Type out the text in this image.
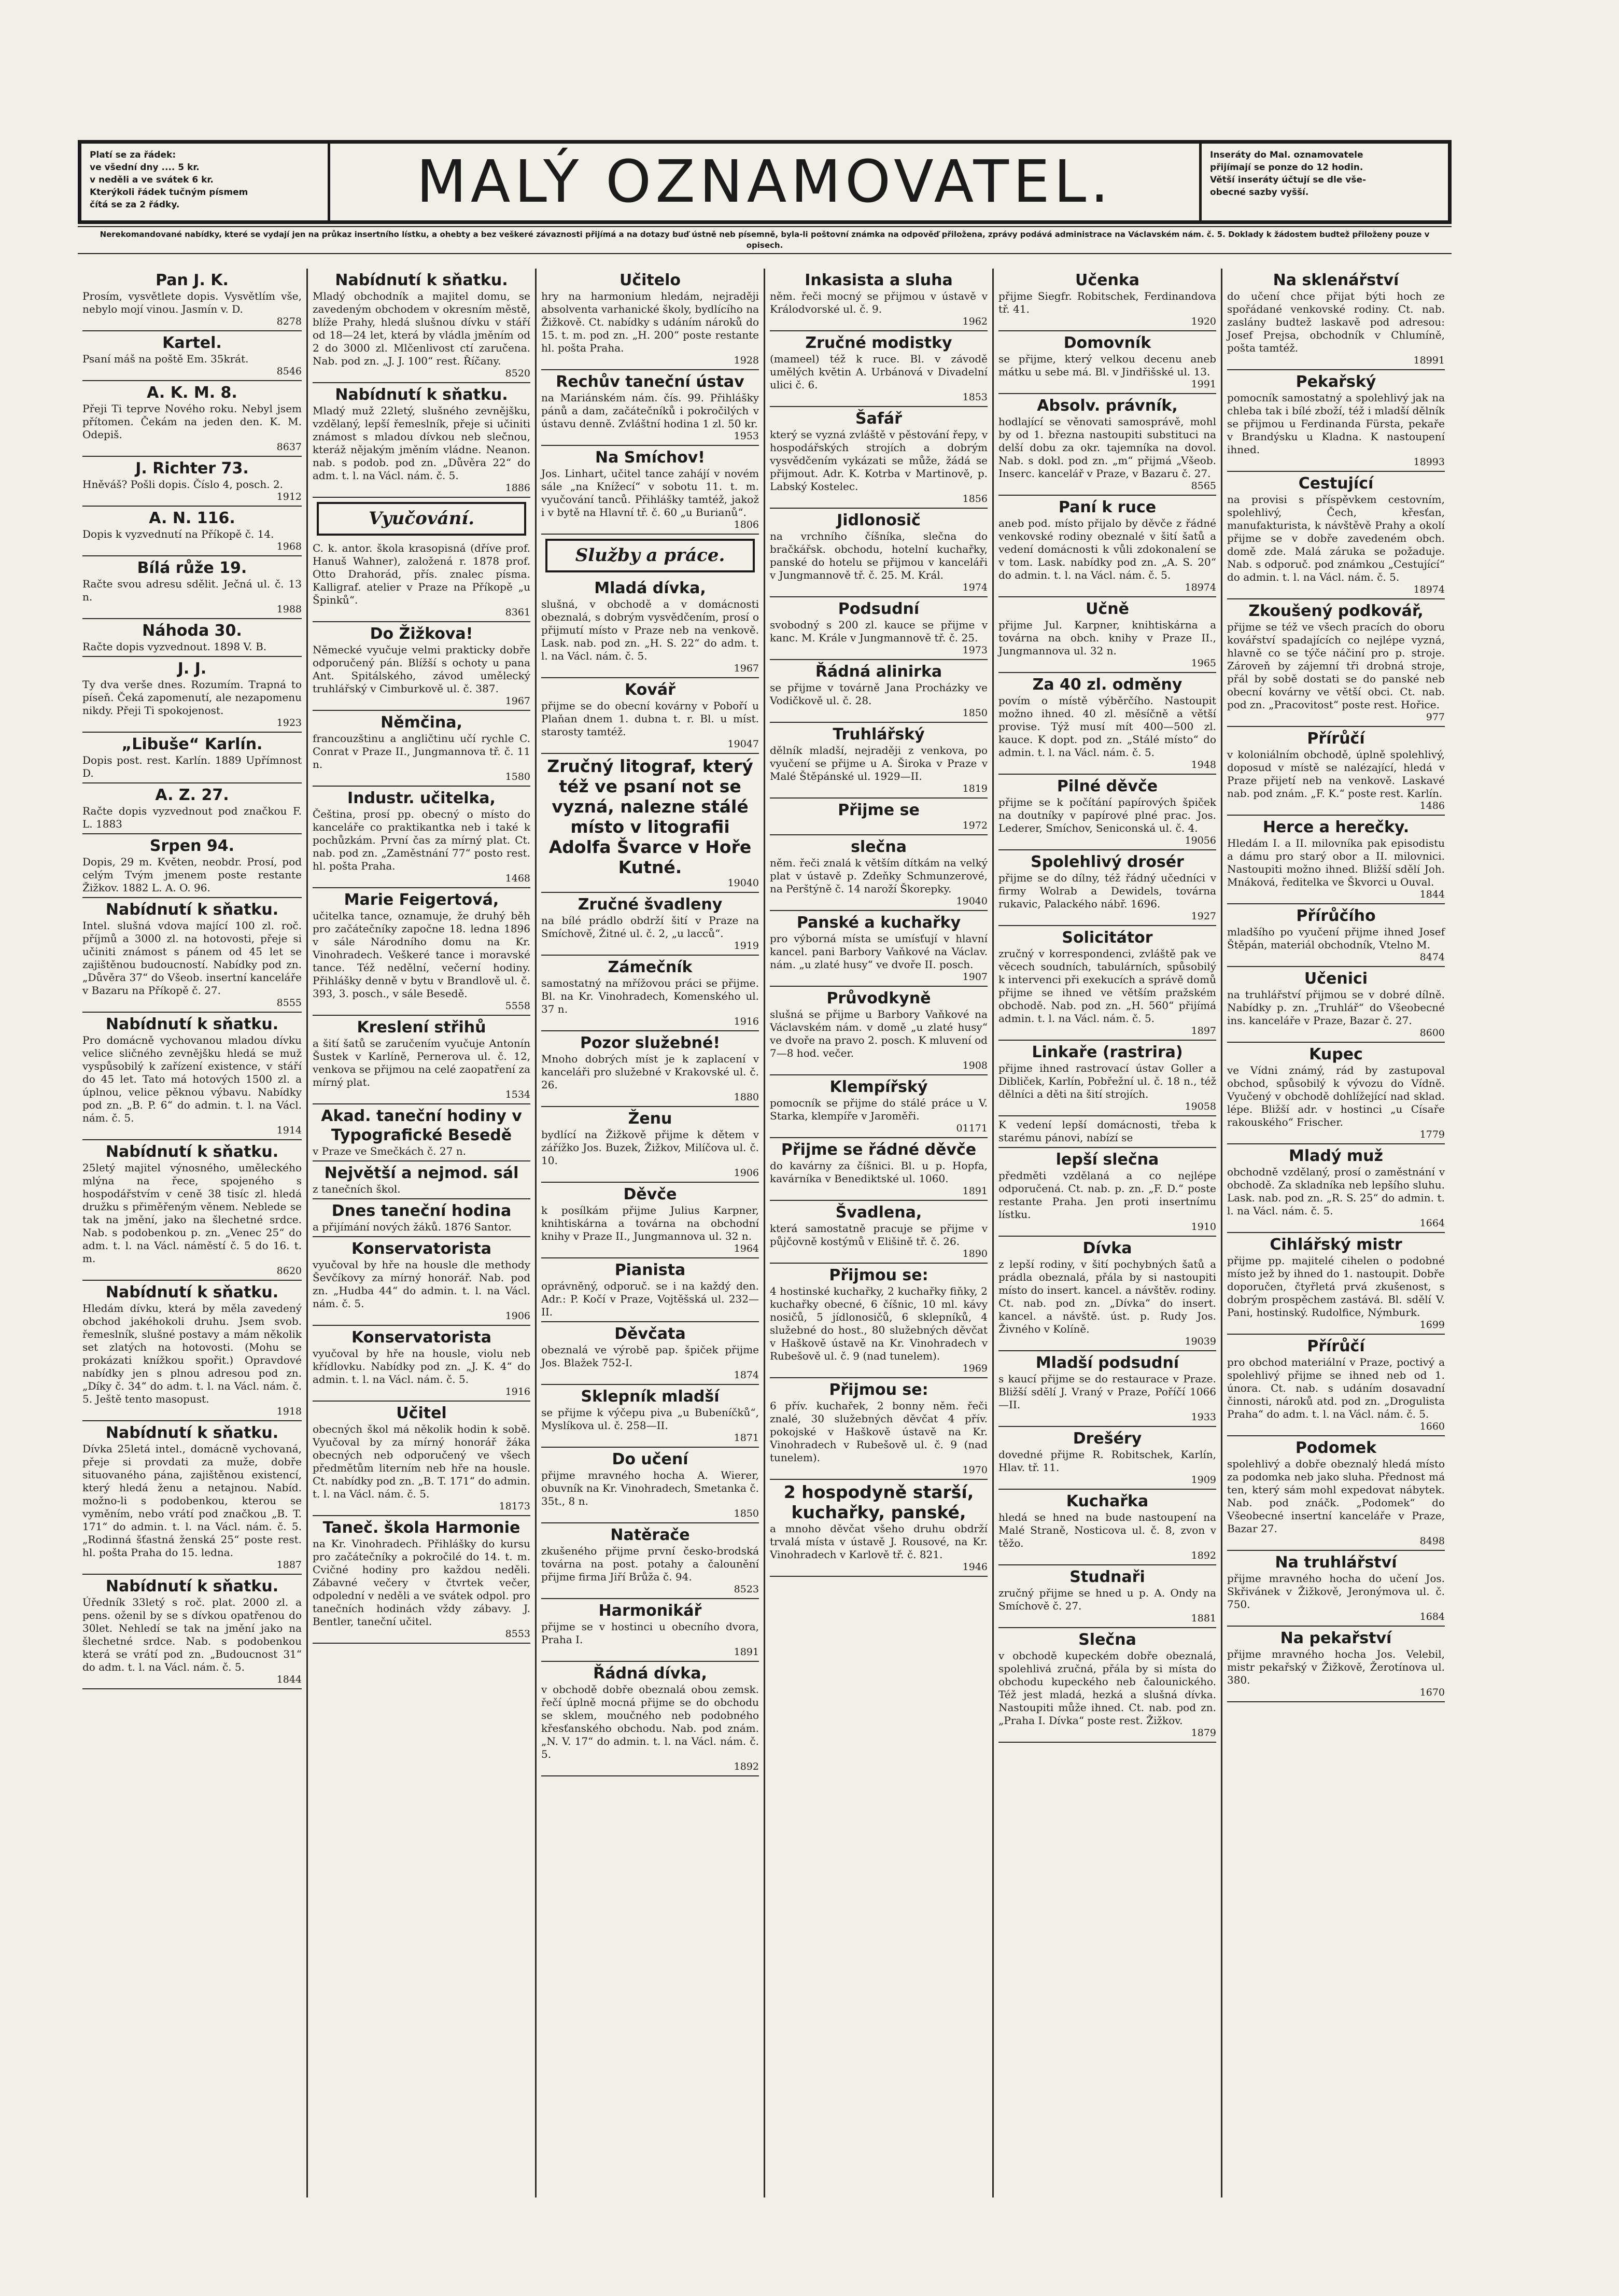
Platí se za řádek:
ve všední dny .... 5 kr.
v neděli a ve svátek 6 kr.
Kterýkoli řádek tučným písmem
čítá se za 2 řádky.	MALÝ OZNAMOVATEL.	Inseráty do Mal. oznamovatele
přijímají se ponze do 12 hodin.
Větší inseráty účtují se dle vše-
obecné sazby vyšší.
Nerekomandované nabídky, které se vydají jen na průkaz insertního lístku, a ohebty a bez veškeré závaznosti přijímá a na dotazy buď ústně neb písemně, byla-li poštovní známka na odpověď přiložena, zprávy podává administrace na Václavském nám. č. 5. Doklady k žádostem budtež přiloženy pouze v opisech.
Pan J. K.

Prosím, vysvětlete dopis. Vysvětlím vše, nebylo mojí vinou. Jasmín v. D.

8278
Kartel.

Psaní máš na poště Em. 35krát.

8546
A. K. M. 8.

Přeji Ti teprve Nového roku. Nebyl jsem přítomen. Čekám na jeden den. K. M. Odepiš.

8637
J. Richter 73.

Hněváš? Pošli dopis. Číslo 4, posch. 2.

1912
A. N. 116.

Dopis k vyzvednutí na Příkopě č. 14.

1968
Bílá růže 19.

Račte svou adresu sdělit. Ječná ul. č. 13 n.

1988
Náhoda 30.

Račte dopis vyzvednout. 1898 V. B.

J. J.

Ty dva verše dnes. Rozumím. Trapná to píseň. Čeká zapomenutí, ale nezapomenu nikdy. Přeji Ti spokojenost.

1923
„Libuše“ Karlín.

Dopis post. rest. Karlín. 1889 Upřímnost D.

A. Z. 27.

Račte dopis vyzvednout pod značkou F. L. 1883

Srpen 94.

Dopis, 29 m. Květen, neobdr. Prosí, pod celým Tvým jmenem poste restante Žižkov. 1882 L. A. O. 96.

Nabídnutí k sňatku.

Intel. slušná vdova mající 100 zl. roč. příjmů a 3000 zl. na hotovosti, přeje si učiniti známost s pánem od 45 let se zajištěnou budoucností. Nabídky pod zn. „Důvěra 37“ do Všeob. insertní kanceláře v Bazaru na Příkopě č. 27.

8555
Nabídnutí k sňatku.

Pro domácně vychovanou mladou dívku velice sličného zevnějšku hledá se muž vyspůsobilý k zařízení existence, v stáří do 45 let. Tato má hotových 1500 zl. a úplnou, velice pěknou výbavu. Nabídky pod zn. „B. P. 6“ do admin. t. l. na Václ. nám. č. 5.

1914
Nabídnutí k sňatku.

25letý majitel výnosného, uměleckého mlýna na řece, spojeného s hospodářstvím v ceně 38 tisíc zl. hledá družku s přiměřeným věnem. Neblede se tak na jmění, jako na šlechetné srdce. Nab. s podobenkou p. zn. „Venec 25“ do adm. t. l. na Václ. náměstí č. 5 do 16. t. m.

8620
Nabídnutí k sňatku.

Hledám dívku, která by měla zavedený obchod jakéhokoli druhu. Jsem svob. řemeslník, slušné postavy a mám několik set zlatých na hotovosti. (Mohu se prokázati knížkou spořit.) Opravdové nabídky jen s plnou adresou pod zn. „Díky č. 34“ do adm. t. l. na Václ. nám. č. 5. Ještě tento masopust.

1918
Nabídnutí k sňatku.

Dívka 25letá intel., domácně vychovaná, přeje si provdati za muže, dobře situovaného pána, zajištěnou existencí, který hledá ženu a netajnou. Nabíd. možno-li s podobenkou, kterou se vyměním, nebo vrátí pod značkou „B. T. 171“ do admin. t. l. na Václ. nám. č. 5. „Rodinná šťastná ženská 25“ poste rest. hl. pošta Praha do 15. ledna.

1887
Nabídnutí k sňatku.

Úředník 33letý s roč. plat. 2000 zl. a pens. oženil by se s dívkou opatřenou do 30let. Nehledí se tak na jmění jako na šlechetné srdce. Nab. s podobenkou která se vrátí pod zn. „Budoucnost 31“ do adm. t. l. na Václ. nám. č. 5.

1844
Nabídnutí k sňatku.

Mladý obchodník a majitel domu, se zavedeným obchodem v okresním městě, blíže Prahy, hledá slušnou dívku v stáří od 18—24 let, která by vládla jměním od 2 do 3000 zl. Mlčenlivost ctí zaručena. Nab. pod zn. „J. J. 100“ rest. Říčany.

8520
Nabídnutí k sňatku.

Mladý muž 22letý, slušného zevnějšku, vzdělaný, lepší řemeslník, přeje si učiniti známost s mladou dívkou neb slečnou, kteráž nějakým jměním vládne. Neanon. nab. s podob. pod zn. „Důvěra 22“ do adm. t. l. na Václ. nám. č. 5.

1886
Vyučování.

C. k. antor. škola krasopisná (dříve prof. Hanuš Wahner), založená r. 1878 prof. Otto Drahorád, přís. znalec písma. Kalligraf. atelier v Praze na Příkopě „u Špinků“.

8361
Do Žižkova!

Německé vyučuje velmi prakticky dobře odporučený pán. Blížší s ochoty u pana Ant. Spitálského, závod umělecký truhlářský v Cimburkově ul. č. 387.

1967
Němčina,

francouzštinu a angličtinu učí rychle C. Conrat v Praze II., Jungmannova tř. č. 11 n.

1580
Industr. učitelka,

Čeština, prosí pp. obecný o místo do kanceláře co praktikantka neb i také k pochůzkám. První čas za mírný plat. Ct. nab. pod zn. „Zaměstnání 77“ posto rest. hl. pošta Praha.

1468
Marie Feigertová,

učitelka tance, oznamuje, že druhý běh pro začátečníky započne 18. ledna 1896 v sále Národního domu na Kr. Vinohradech. Veškeré tance i moravské tance. Též nedělní, večerní hodiny. Přihlášky denně v bytu v Brandlově ul. č. 393, 3. posch., v sále Besedě.

5558
Kreslení střihů

a šití šatů se zaručením vyučuje Antonín Šustek v Karlíně, Pernerova ul. č. 12, venkova se přijmou na celé zaopatření za mírný plat.

1534
Akad. taneční hodiny v Typografické Besedě

v Praze ve Smečkách č. 27 n.

Největší a nejmod. sál

z tanečních škol.

Dnes taneční hodina

a přijímání nových žáků. 1876 Santor.

Konservatorista

vyučoval by hře na housle dle methody Ševčíkovy za mírný honorář. Nab. pod zn. „Hudba 44“ do admin. t. l. na Václ. nám. č. 5.

1906
Konservatorista

vyučoval by hře na housle, violu neb křídlovku. Nabídky pod zn. „J. K. 4“ do admin. t. l. na Václ. nám. č. 5.

1916
Učitel

obecných škol má několik hodin k sobě. Vyučoval by za mírný honorář žáka obecných neb odporučený ve všech předmětům literním neb hře na housle. Ct. nabídky pod zn. „B. T. 171“ do admin. t. l. na Václ. nám. č. 5.

18173
Taneč. škola Harmonie

na Kr. Vinohradech. Přihlášky do kursu pro začátečníky a pokročilé do 14. t. m. Cvičné hodiny pro každou neděli. Zábavné večery v čtvrtek večer, odpolední v neděli a ve svátek odpol. pro tanečních hodinách vždy zábavy. J. Bentler, taneční učitel.

8553
Učitelo

hry na harmonium hledám, nejraději absolventa varhanické školy, bydlícího na Žižkově. Ct. nabídky s udáním nároků do 15. t. m. pod zn. „H. 200“ poste restante hl. pošta Praha.

1928
Rechův taneční ústav

na Mariánském nám. čís. 99. Přihlášky pánů a dam, začátečníků i pokročilých v ústavu denně. Zvláštní hodina 1 zl. 50 kr.

1953
Na Smíchov!

Jos. Linhart, učitel tance zahájí v novém sále „na Knížecí“ v sobotu 11. t. m. vyučování tanců. Přihlášky tamtéž, jakož i v bytě na Hlavní tř. č. 60 „u Burianů“.

1806
Služby a práce.
Mladá dívka,

slušná, v obchodě a v domácnosti obeznalá, s dobrým vysvědčením, prosí o přijmutí místo v Praze neb na venkově. Lask. nab. pod zn. „H. S. 22“ do adm. t. l. na Václ. nám. č. 5.

1967
Kovář

přijme se do obecní kovárny v Poboří u Plaňan dnem 1. dubna t. r. Bl. u míst. starosty tamtéž.

19047
Zručný litograf, který též ve psaní not se vyzná, nalezne stálé místo v litografii Adolfa Švarce v Hoře Kutné.
19040
Zručné švadleny

na bílé prádlo obdrží šití v Praze na Smíchově, Žitné ul. č. 2, „u lacců“.

1919
Zámečník

samostatný na mřížovou práci se přijme. Bl. na Kr. Vinohradech, Komenského ul. 37 n.

1916
Pozor služebné!

Mnoho dobrých míst je k zaplacení v kanceláři pro služebné v Krakovské ul. č. 26.

1880
Ženu

bydlící na Žižkově přijme k dětem v zářížko Jos. Buzek, Žižkov, Milíčova ul. č. 10.

1906
Děvče

k posílkám přijme Julius Karpner, knihtiskárna a továrna na obchodní knihy v Praze II., Jungmannova ul. 32 n.

1964
Pianista

oprávněný, odporuč. se i na každý den. Adr.: P. Kočí v Praze, Vojtěšská ul. 232—II.

Děvčata

obeznalá ve výrobě pap. špiček přijme Jos. Blažek 752-I.

1874
Sklepník mladší

se přijme k výčepu piva „u Bubeníčků“, Myslíkova ul. č. 258—II.

1871
Do učení

přijme mravného hocha A. Wierer, obuvník na Kr. Vinohradech, Smetanka č. 35t., 8 n.

1850
Natěrače

zkušeného přijme první česko-brodská továrna na post. potahy a čalounění přijme firma Jiří Brůža č. 94.

8523
Harmonikář

přijme se v hostinci u obecního dvora, Praha I.

1891
Řádná dívka,

v obchodě dobře obeznalá obou zemsk. řečí úplně mocná přijme se do obchodu se sklem, moučného neb podobného křesťanského obchodu. Nab. pod znám. „N. V. 17“ do admin. t. l. na Václ. nám. č. 5.

1892
Inkasista a sluha

něm. řeči mocný se přijmou v ústavě v Králodvorské ul. č. 9.

1962
Zručné modistky

(mameel) též k ruce. Bl. v závodě umělých květin A. Urbánová v Divadelní ulici č. 6.

1853
Šafář

který se vyzná zvláště v pěstování řepy, v hospodářských strojích a dobrým vysvědčením vykázati se může, žádá se přijmout. Adr. K. Kotrba v Martinově, p. Labský Kostelec.

1856
Jidlonosič

na vrchního číšníka, slečna do bračkářsk. obchodu, hotelní kuchařky, panské do hotelu se přijmou v kanceláři v Jungmannově tř. č. 25. M. Král.

1974
Podsudní

svobodný s 200 zl. kauce se přijme v kanc. M. Krále v Jungmannově tř. č. 25.

1973
Řádná alinirka

se přijme v továrně Jana Procházky ve Vodičkově ul. č. 28.

1850
Truhlářský

dělník mladší, nejraději z venkova, po vyučení se přijme u A. Široka v Praze v Malé Štěpánské ul. 1929—II.

1819
Přijme se
1972
slečna

něm. řeči znalá k větším dítkám na velký plat v ústavě p. Zdeňky Schmunzerové, na Perštýně č. 14 naroží Škorepky.

19040
Panské a kuchařky

pro výborná místa se umísťují v hlavní kancel. pani Barbory Vaňkové na Václav. nám. „u zlaté husy“ ve dvoře II. posch.

1907
Průvodkyně

slušná se přijme u Barbory Vaňkové na Václavském nám. v domě „u zlaté husy“ ve dvoře na pravo 2. posch. K mluvení od 7—8 hod. večer.

1908
Klempířský

pomocník se přijme do stálé práce u V. Starka, klempíře v Jaroměři.

01171
Přijme se řádné děvče

do kavárny za číšnici. Bl. u p. Hopfa, kavárníka v Benediktské ul. 1060.

1891
Švadlena,

která samostatně pracuje se přijme v půjčovně kostýmů v Elišině tř. č. 26.

1890
Přijmou se:

4 hostinské kuchařky, 2 kuchařky fiňky, 2 kuchařky obecné, 6 číšnic, 10 ml. kávy nosičů, 5 jídlonosičů, 6 sklepníků, 4 služebné do host., 80 služebných děvčat v Haškově ústavě na Kr. Vinohradech v Rubešově ul. č. 9 (nad tunelem).

1969
Přijmou se:

6 přív. kuchařek, 2 bonny něm. řeči znalé, 30 služebných děvčat 4 přív. pokojské v Haškově ústavě na Kr. Vinohradech v Rubešově ul. č. 9 (nad tunelem).

1970
2 hospodyně starší, kuchařky, panské,

a mnoho děvčat všeho druhu obdrží trvalá místa v ústavě J. Rousové, na Kr. Vinohradech v Karlově tř. č. 821.

1946
Učenka

přijme Siegfr. Robitschek, Ferdinandova tř. 41.

1920
Domovník

se přijme, který velkou decenu aneb mátku u sebe má. Bl. v Jindřišské ul. 13.

1991
Absolv. právník,

hodlající se věnovati samosprávě, mohl by od 1. března nastoupiti substituci na delší dobu za okr. tajemníka na dovol. Nab. s dokl. pod zn. „m“ přijmá „Všeob. Inserc. kancelář v Praze, v Bazaru č. 27.

8565
Paní k ruce

aneb pod. místo přijalo by děvče z řádné venkovské rodiny obeznalé v šití šatů a vedení domácnosti k vůli zdokonalení se v tom. Lask. nabídky pod zn. „A. S. 20“ do admin. t. l. na Václ. nám. č. 5.

18974
Učně

přijme Jul. Karpner, knihtiskárna a továrna na obch. knihy v Praze II., Jungmannova ul. 32 n.

1965
Za 40 zl. odměny

povím o místě výběrčího. Nastoupit možno ihned. 40 zl. měsíčně a větší provise. Týž musí mít 400—500 zl. kauce. K dopt. pod zn. „Stálé místo“ do admin. t. l. na Václ. nám. č. 5.

1948
Pilné děvče

přijme se k počítání papírových špiček na doutníky v papírové plné prac. Jos. Lederer, Smíchov, Seniconská ul. č. 4.

19056
Spolehlivý drosér

přijme se do dílny, též řádný učedníci v firmy Wolrab a Dewidels, továrna rukavic, Palackého nábř. 1696.

1927
Solicitátor

zručný v korrespondenci, zvláště pak ve věcech soudních, tabulárních, spůsobilý k intervenci při exekucích a správě domů přijme se ihned ve větším pražském obchodě. Nab. pod zn. „H. 560“ přijímá admin. t. l. na Václ. nám. č. 5.

1897
Linkaře (rastrira)

přijme ihned rastrovací ústav Goller a Dibliček, Karlín, Pobřežní ul. č. 18 n., též dělníci a děti na šití strojích.

19058

K vedení lepší domácnosti, třeba k starému pánovi, nabízí se

lepší slečna

předměti vzdělaná a co nejlépe odporučená. Ct. nab. p. zn. „F. D.“ poste restante Praha. Jen proti insertnímu lístku.

1910
Dívka

z lepší rodiny, v šití pochybných šatů a prádla obeznalá, přála by si nastoupiti místo do insert. kancel. a návštěv. rodiny. Ct. nab. pod zn. „Dívka“ do insert. kancel. a návště. úst. p. Rudy Jos. Živného v Kolíně.

19039
Mladší podsudní

s kaucí přijme se do restaurace v Praze. Bližší sdělí J. Vraný v Praze, Poříčí 1066—II.

1933
Drešéry

dovedné přijme R. Robitschek, Karlín, Hlav. tř. 11.

1909
Kuchařka

hledá se hned na bude nastoupení na Malé Straně, Nosticova ul. č. 8, zvon v těžo.

1892
Studnaři

zručný přijme se hned u p. A. Ondy na Smíchově č. 27.

1881
Slečna

v obchodě kupeckém dobře obeznalá, spolehlivá zručná, přála by si místa do obchodu kupeckého neb čalounického. Též jest mladá, hezká a slušná dívka. Nastoupiti může ihned. Ct. nab. pod zn. „Praha I. Dívka“ poste rest. Žižkov.

1879
Na sklenářství

do učení chce přijat býti hoch ze spořádané venkovské rodiny. Ct. nab. zaslány budtež laskavě pod adresou: Josef Prejsa, obchodník v Chlumíně, pošta tamtéž.

18991
Pekařský

pomocník samostatný a spolehlivý jak na chleba tak i bílé zboží, též i mladší dělník se přijmou u Ferdinanda Fürsta, pekaře v Brandýsku u Kladna. K nastoupení ihned.

18993
Cestující

na provisi s příspěvkem cestovním, spolehlivý, Čech, křesťan, manufakturista, k návštěvě Prahy a okolí přijme se v dobře zavedeném obch. domě zde. Malá záruka se požaduje. Nab. s odporuč. pod známkou „Cestující“ do admin. t. l. na Václ. nám. č. 5.

18974
Zkoušený podkovář,

přijme se též ve všech pracích do oboru kovářství spadajících co nejlépe vyzná, hlavně co se týče náčiní pro p. stroje. Zároveň by zájemní tři drobná stroje, přál by sobě dostati se do panské neb obecní kovárny ve větší obci. Ct. nab. pod zn. „Pracovitost“ poste rest. Hořice.

977
Přírůčí

v koloniálním obchodě, úplně spolehlivý, doposud v místě se nalézající, hledá v Praze přijetí neb na venkově. Laskavé nab. pod znám. „F. K.“ poste rest. Karlín.

1486
Herce a herečky.

Hledám I. a II. milovníka pak episodistu a dámu pro starý obor a II. milovnici. Nastoupiti možno ihned. Bližší sdělí Joh. Mnáková, ředitelka ve Škvorci u Ouval.

1844
Přírůčího

mladšího po vyučení přijme ihned Josef Štěpán, materiál obchodník, Vtelno M.

8474
Učenici

na truhlářství přijmou se v dobré dílně. Nabídky p. zn. „Truhlář“ do Všeobecné ins. kanceláře v Praze, Bazar č. 27.

8600
Kupec

ve Vídni známý, rád by zastupoval obchod, spůsobilý k vývozu do Vídně. Vyučený v obchodě dohlížející nad sklad. lépe. Bližší adr. v hostinci „u Císaře rakouského“ Frischer.

1779
Mladý muž

obchodně vzdělaný, prosí o zaměstnání v obchodě. Za skladníka neb lepšího sluhu. Lask. nab. pod zn. „R. S. 25“ do admin. t. l. na Václ. nám. č. 5.

1664
Cihlářský mistr

přijme pp. majitelé cihelen o podobné místo jež by ihned do 1. nastoupit. Dobře doporučen, čtyřletá prvá zkušenost, s dobrým prospěchem zastává. Bl. sdělí V. Pani, hostinský. Rudolfice, Nýmburk.

1699
Přírůčí

pro obchod materiální v Praze, poctivý a spolehlivý přijme se ihned neb od 1. února. Ct. nab. s udáním dosavadní činnosti, nároků atd. pod zn. „Drogulista Praha“ do adm. t. l. na Václ. nám. č. 5.

1660
Podomek

spolehlivý a dobře obeznalý hledá místo za podomka neb jako sluha. Přednost má ten, který sám mohl expedovat nábytek. Nab. pod znáčk. „Podomek“ do Všeobecné insertní kanceláře v Praze, Bazar 27.

8498
Na truhlářství

přijme mravného hocha do učení Jos. Skřivánek v Žižkově, Jeronýmova ul. č. 750.

1684
Na pekařství

přijme mravného hocha Jos. Velebil, mistr pekařský v Žižkově, Žerotínova ul. 380.

1670
